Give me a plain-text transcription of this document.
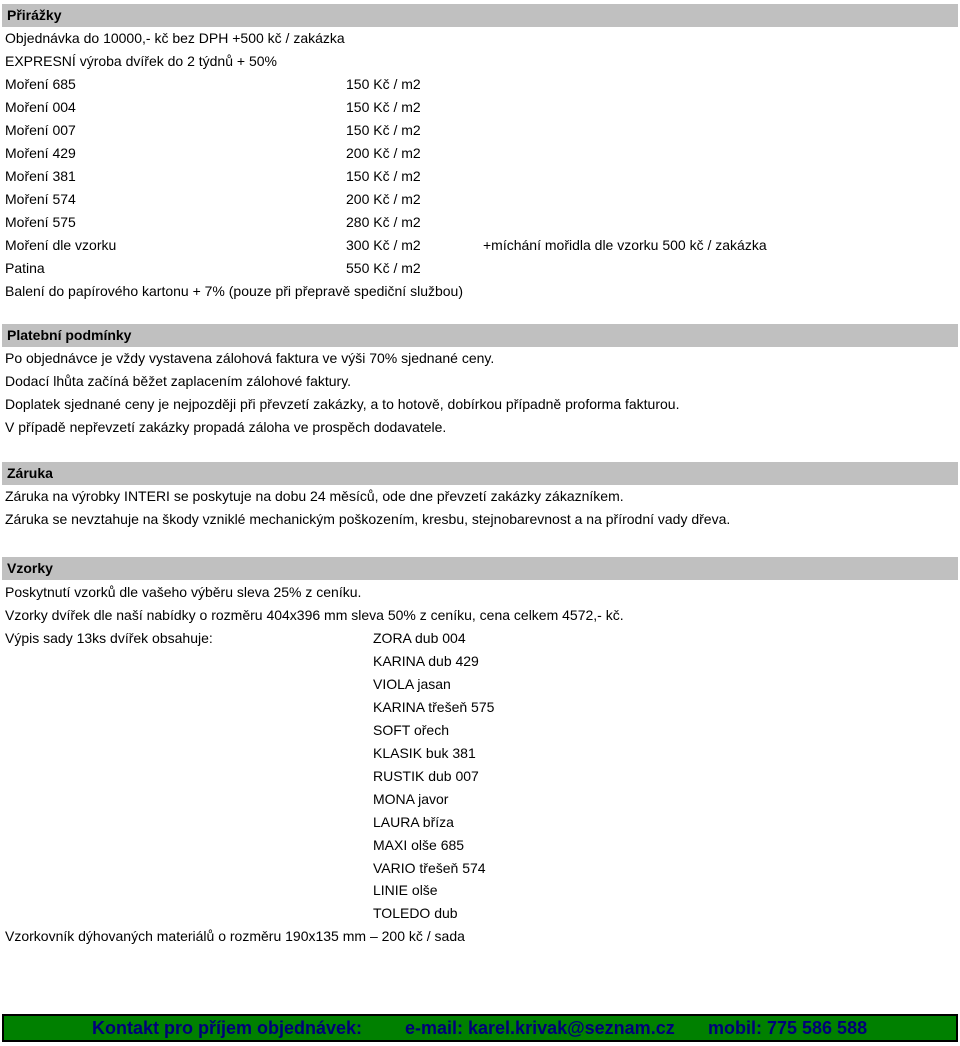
Přirážky
Objednávka do 10000,- kč bez DPH +500 kč / zakázka
EXPRESNÍ výroba dvířek do 2 týdnů + 50%
Moření 685	150 Kč / m2
Moření 004	150 Kč / m2
Moření 007	150 Kč / m2
Moření 429	200 Kč / m2
Moření 381	150 Kč / m2
Moření 574	200 Kč / m2
Moření 575	280 Kč / m2
Moření dle vzorku	300 Kč / m2	+míchání mořidla dle vzorku 500 kč / zakázka
Patina	550 Kč / m2
Balení do papírového kartonu + 7% (pouze při přepravě spediční službou)
Platební podmínky
Po objednávce je vždy vystavena zálohová faktura ve výši 70% sjednané ceny.
Dodací lhůta začíná běžet zaplacením zálohové faktury.
Doplatek sjednané ceny je nejpozději při převzetí zakázky, a to hotově, dobírkou případně proforma fakturou.
V případě nepřevzetí zakázky propadá záloha ve prospěch dodavatele.
Záruka
Záruka na výrobky INTERI se poskytuje na dobu 24 měsíců, ode dne převzetí zakázky zákazníkem.
Záruka se nevztahuje na škody vzniklé mechanickým poškozením, kresbu, stejnobarevnost a na přírodní vady dřeva.
Vzorky
Poskytnutí vzorků dle vašeho výběru sleva 25% z ceníku.
Vzorky dvířek dle naší nabídky o rozměru 404x396 mm sleva 50% z ceníku, cena celkem 4572,- kč.
Výpis sady 13ks dvířek obsahuje:	ZORA dub 004
KARINA dub 429
VIOLA jasan
KARINA třešeň 575
SOFT ořech
KLASIK buk 381
RUSTIK dub 007
MONA javor
LAURA bříza
MAXI olše 685
VARIO třešeň 574
LINIE olše
TOLEDO dub
Vzorkovník dýhovaných materiálů o rozměru 190x135 mm – 200 kč / sada
Kontakt pro příjem objednávek: e-mail: karel.krivak@seznam.cz mobil: 775 586 588
